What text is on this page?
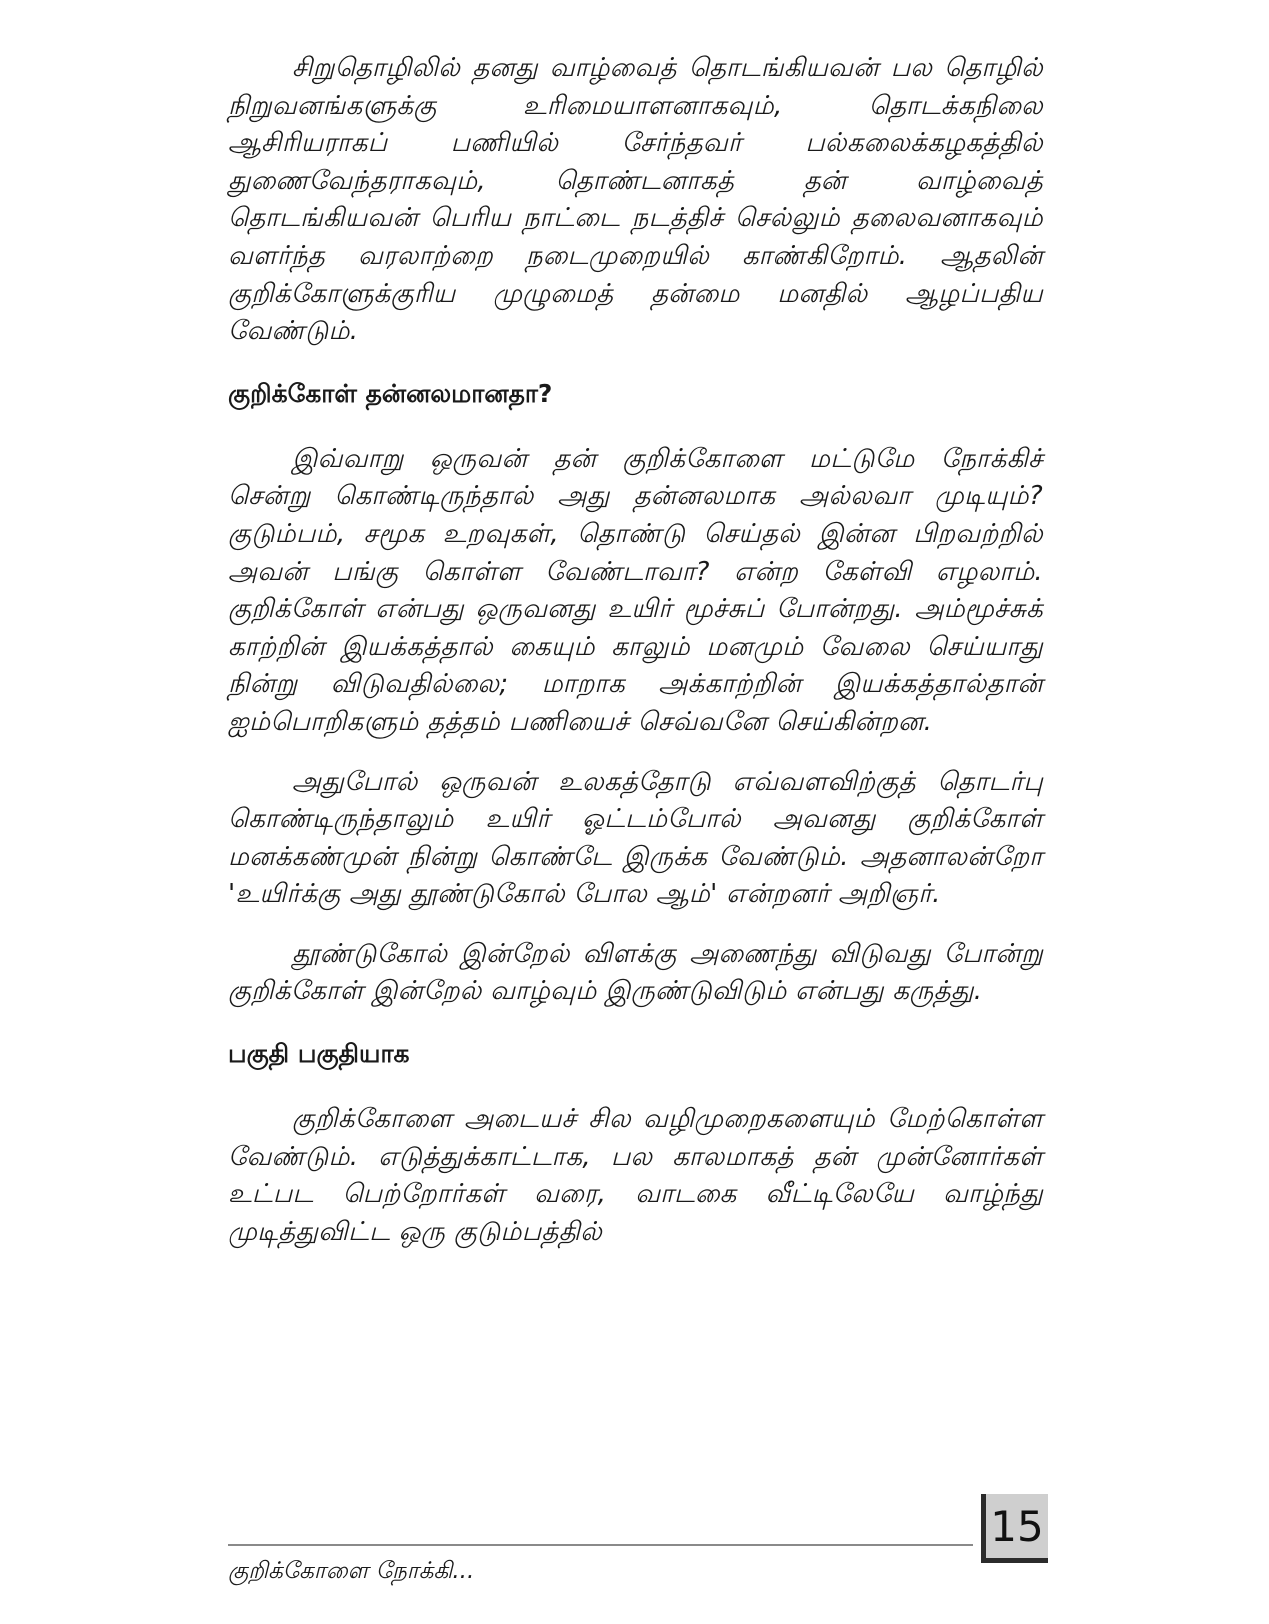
சிறுதொழிலில் தனது வாழ்வைத் தொடங்கியவன் பல தொழில் நிறுவனங்களுக்கு உரிமையாளனாகவும், தொடக்கநிலை ஆசிரியராகப் பணியில் சேர்ந்தவர் பல்கலைக்கழகத்தில் துணைவேந்தராகவும், தொண்டனாகத் தன் வாழ்வைத் தொடங்கியவன் பெரிய நாட்டை நடத்திச் செல்லும் தலைவனாகவும் வளர்ந்த வரலாற்றை நடைமுறையில் காண்கிறோம். ஆதலின் குறிக்கோளுக்குரிய முழுமைத் தன்மை மனதில் ஆழப்பதிய வேண்டும்.

குறிக்கோள் தன்னலமானதா?

இவ்வாறு ஒருவன் தன் குறிக்கோளை மட்டுமே நோக்கிச் சென்று கொண்டிருந்தால் அது தன்னலமாக அல்லவா முடியும்? குடும்பம், சமூக உறவுகள், தொண்டு செய்தல் இன்ன பிறவற்றில் அவன் பங்கு கொள்ள வேண்டாவா? என்ற கேள்வி எழலாம். குறிக்கோள் என்பது ஒருவனது உயிர் மூச்சுப் போன்றது. அம்மூச்சுக் காற்றின் இயக்கத்தால் கையும் காலும் மனமும் வேலை செய்யாது நின்று விடுவதில்லை; மாறாக அக்காற்றின் இயக்கத்தால்தான் ஐம்பொறிகளும் தத்தம் பணியைச் செவ்வனே செய்கின்றன.

அதுபோல் ஒருவன் உலகத்தோடு எவ்வளவிற்குத் தொடர்பு கொண்டிருந்தாலும் உயிர் ஓட்டம்போல் அவனது குறிக்கோள் மனக்கண்முன் நின்று கொண்டே இருக்க வேண்டும். அதனாலன்றோ 'உயிர்க்கு அது தூண்டுகோல் போல ஆம்' என்றனர் அறிஞர்.

தூண்டுகோல் இன்றேல் விளக்கு அணைந்து விடுவது போன்று குறிக்கோள் இன்றேல் வாழ்வும் இருண்டுவிடும் என்பது கருத்து.

பகுதி பகுதியாக

குறிக்கோளை அடையச் சில வழிமுறைகளையும் மேற்கொள்ள வேண்டும். எடுத்துக்காட்டாக, பல காலமாகத் தன் முன்னோர்கள் உட்பட பெற்றோர்கள் வரை, வாடகை வீட்டிலேயே வாழ்ந்து முடித்துவிட்ட ஒரு குடும்பத்தில்

15
குறிக்கோளை நோக்கி...
